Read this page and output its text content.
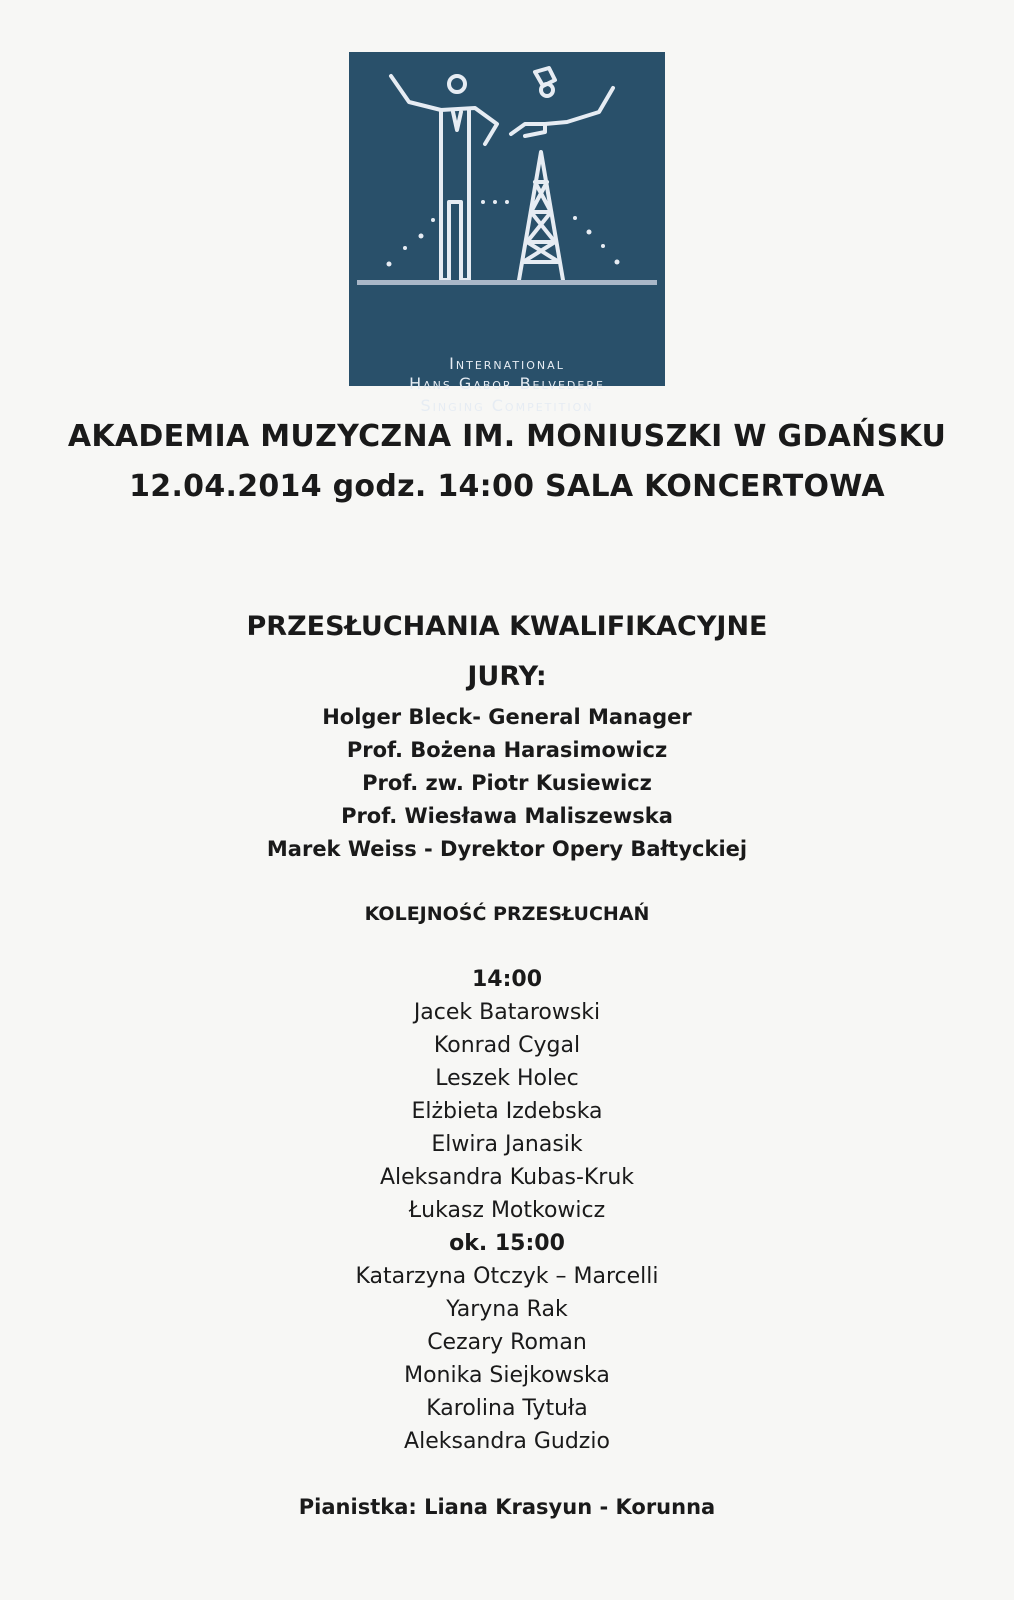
International
Hans Gabor Belvedere
Singing Competition
AKADEMIA MUZYCZNA IM. MONIUSZKI W GDAŃSKU
12.04.2014 godz. 14:00 SALA KONCERTOWA
PRZESŁUCHANIA KWALIFIKACYJNE
JURY:
Holger Bleck- General Manager
Prof. Bożena Harasimowicz
Prof. zw. Piotr Kusiewicz
Prof. Wiesława Maliszewska
Marek Weiss - Dyrektor Opery Bałtyckiej
KOLEJNOŚĆ PRZESŁUCHAŃ
14:00
Jacek Batarowski
Konrad Cygal
Leszek Holec
Elżbieta Izdebska
Elwira Janasik
Aleksandra Kubas-Kruk
Łukasz Motkowicz
ok. 15:00
Katarzyna Otczyk – Marcelli
Yaryna Rak
Cezary Roman
Monika Siejkowska
Karolina Tytuła
Aleksandra Gudzio
Pianistka: Liana Krasyun - Korunna
